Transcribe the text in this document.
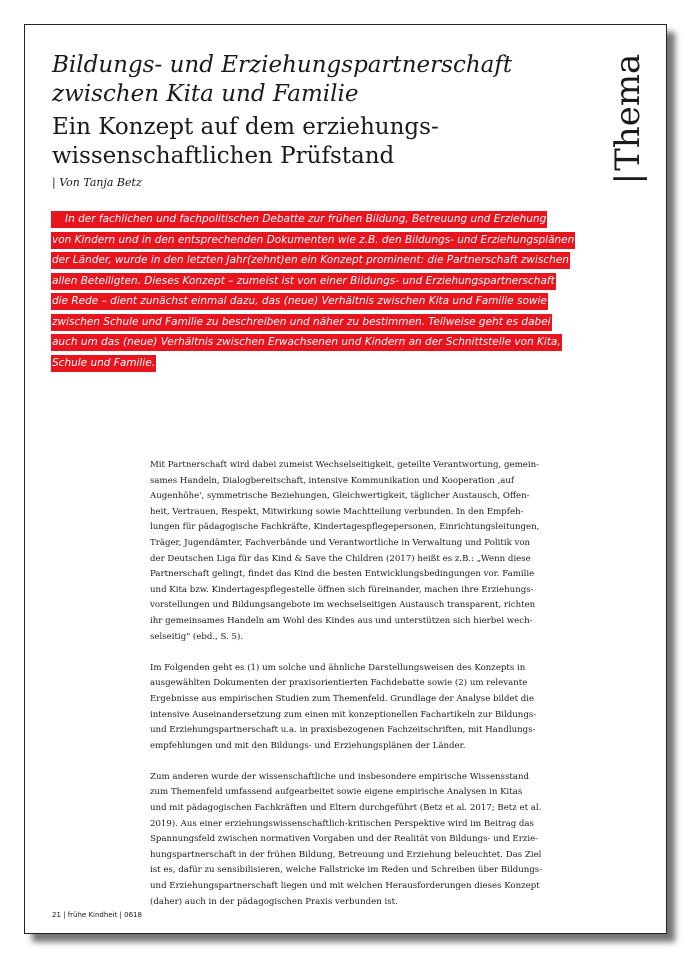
Bildungs- und Erziehungspartnerschaft
zwischen Kita und Familie
Ein Konzept auf dem erziehungs-
wissenschaftlichen Prüfstand
| Von Tanja Betz	|Thema
In der fachlichen und fachpolitischen Debatte zur frühen Bildung, Betreuung und Erziehung
von Kindern und in den entsprechenden Dokumenten wie z.B. den Bildungs- und Erziehungsplänen
der Länder, wurde in den letzten Jahr(zehnt)en ein Konzept prominent: die Partnerschaft zwischen
allen Beteiligten. Dieses Konzept – zumeist ist von einer Bildungs- und Erziehungspartnerschaft
die Rede – dient zunächst einmal dazu, das (neue) Verhältnis zwischen Kita und Familie sowie
zwischen Schule und Familie zu beschreiben und näher zu bestimmen. Teilweise geht es dabei
auch um das (neue) Verhältnis zwischen Erwachsenen und Kindern an der Schnittstelle von Kita,
Schule und Familie.

Mit Partnerschaft wird dabei zumeist Wechselseitigkeit, geteilte Verantwortung, gemein-
sames Handeln, Dialogbereitschaft, intensive Kommunikation und Kooperation ‚auf
Augenhöhe', symmetrische Beziehungen, Gleichwertigkeit, täglicher Austausch, Offen-
heit, Vertrauen, Respekt, Mitwirkung sowie Machtteilung verbunden. In den Empfeh-
lungen für pädagogische Fachkräfte, Kindertagespflegepersonen, Einrichtungsleitungen,
Träger, Jugendämter, Fachverbände und Verantwortliche in Verwaltung und Politik von
der Deutschen Liga für das Kind & Save the Children (2017) heißt es z.B.: „Wenn diese
Partnerschaft gelingt, findet das Kind die besten Entwicklungsbedingungen vor. Familie
und Kita bzw. Kindertagespflegestelle öffnen sich füreinander, machen ihre Erziehungs-
vorstellungen und Bildungsangebote im wechselseitigen Austausch transparent, richten
ihr gemeinsames Handeln am Wohl des Kindes aus und unterstützen sich hierbei wech-
selseitig" (ebd., S. 5).

Im Folgenden geht es (1) um solche und ähnliche Darstellungsweisen des Konzepts in
ausgewählten Dokumenten der praxisorientierten Fachdebatte sowie (2) um relevante
Ergebnisse aus empirischen Studien zum Themenfeld. Grundlage der Analyse bildet die
intensive Auseinandersetzung zum einen mit konzeptionellen Fachartikeln zur Bildungs-
und Erziehungspartnerschaft u.a. in praxisbezogenen Fachzeitschriften, mit Handlungs-
empfehlungen und mit den Bildungs- und Erziehungsplänen der Länder.

Zum anderen wurde der wissenschaftliche und insbesondere empirische Wissensstand
zum Themenfeld umfassend aufgearbeitet sowie eigene empirische Analysen in Kitas
und mit pädagogischen Fachkräften und Eltern durchgeführt (Betz et al. 2017; Betz et al.
2019). Aus einer erziehungswissenschaftlich-kritischen Perspektive wird im Beitrag das
Spannungsfeld zwischen normativen Vorgaben und der Realität von Bildungs- und Erzie-
hungspartnerschaft in der frühen Bildung, Betreuung und Erziehung beleuchtet. Das Ziel
ist es, dafür zu sensibilisieren, welche Fallstricke im Reden und Schreiben über Bildungs-
und Erziehungspartnerschaft liegen und mit welchen Herausforderungen dieses Konzept
(daher) auch in der pädagogischen Praxis verbunden ist.

21 | frühe Kindheit | 0618
